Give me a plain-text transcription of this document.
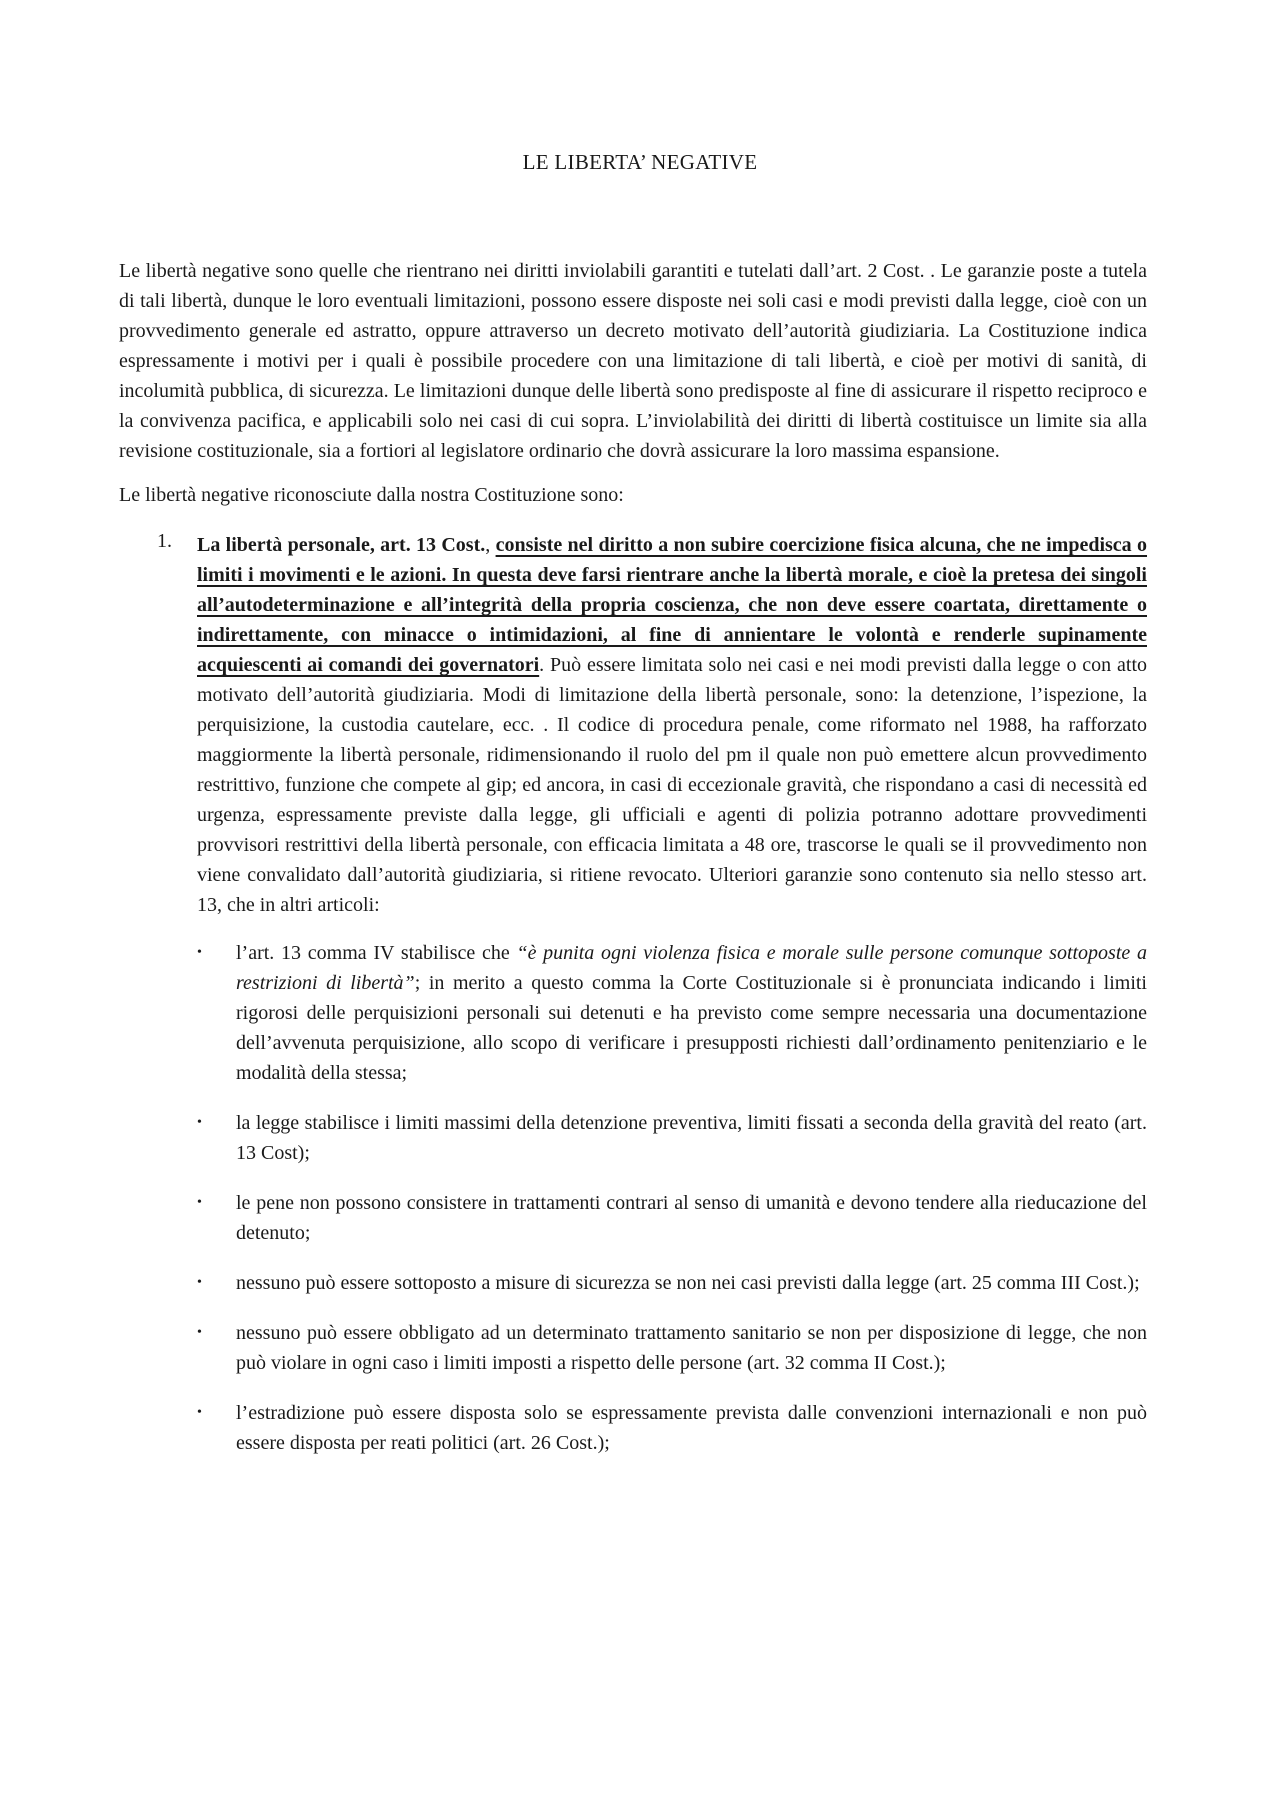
LE LIBERTA’ NEGATIVE

Le libertà negative sono quelle che rientrano nei diritti inviolabili garantiti e tutelati dall’art. 2 Cost. . Le garanzie poste a tutela di tali libertà, dunque le loro eventuali limitazioni, possono essere disposte nei soli casi e modi previsti dalla legge, cioè con un provvedimento generale ed astratto, oppure attraverso un decreto motivato dell’autorità giudiziaria. La Costituzione indica espressamente i motivi per i quali è possibile procedere con una limitazione di tali libertà, e cioè per motivi di sanità, di incolumità pubblica, di sicurezza. Le limitazioni dunque delle libertà sono predisposte al fine di assicurare il rispetto reciproco e la convivenza pacifica, e applicabili solo nei casi di cui sopra. L’inviolabilità dei diritti di libertà costituisce un limite sia alla revisione costituzionale, sia a fortiori al legislatore ordinario che dovrà assicurare la loro massima espansione.

Le libertà negative riconosciute dalla nostra Costituzione sono:

1. La libertà personale, art. 13 Cost., consiste nel diritto a non subire coercizione fisica alcuna, che ne impedisca o limiti i movimenti e le azioni. In questa deve farsi rientrare anche la libertà morale, e cioè la pretesa dei singoli all’autodeterminazione e all’integrità della propria coscienza, che non deve essere coartata, direttamente o indirettamente, con minacce o intimidazioni, al fine di annientare le volontà e renderle supinamente acquiescenti ai comandi dei governatori. Può essere limitata solo nei casi e nei modi previsti dalla legge o con atto motivato dell’autorità giudiziaria. Modi di limitazione della libertà personale, sono: la detenzione, l’ispezione, la perquisizione, la custodia cautelare, ecc. . Il codice di procedura penale, come riformato nel 1988, ha rafforzato maggiormente la libertà personale, ridimensionando il ruolo del pm il quale non può emettere alcun provvedimento restrittivo, funzione che compete al gip; ed ancora, in casi di eccezionale gravità, che rispondano a casi di necessità ed urgenza, espressamente previste dalla legge, gli ufficiali e agenti di polizia potranno adottare provvedimenti provvisori restrittivi della libertà personale, con efficacia limitata a 48 ore, trascorse le quali se il provvedimento non viene convalidato dall’autorità giudiziaria, si ritiene revocato. Ulteriori garanzie sono contenuto sia nello stesso art. 13, che in altri articoli:
• l’art. 13 comma IV stabilisce che “è punita ogni violenza fisica e morale sulle persone comunque sottoposte a restrizioni di libertà”; in merito a questo comma la Corte Costituzionale si è pronunciata indicando i limiti rigorosi delle perquisizioni personali sui detenuti e ha previsto come sempre necessaria una documentazione dell’avvenuta perquisizione, allo scopo di verificare i presupposti richiesti dall’ordinamento penitenziario e le modalità della stessa;
• la legge stabilisce i limiti massimi della detenzione preventiva, limiti fissati a seconda della gravità del reato (art. 13 Cost);
• le pene non possono consistere in trattamenti contrari al senso di umanità e devono tendere alla rieducazione del detenuto;
• nessuno può essere sottoposto a misure di sicurezza se non nei casi previsti dalla legge (art. 25 comma III Cost.);
• nessuno può essere obbligato ad un determinato trattamento sanitario se non per disposizione di legge, che non può violare in ogni caso i limiti imposti a rispetto delle persone (art. 32 comma II Cost.);
• l’estradizione può essere disposta solo se espressamente prevista dalle convenzioni internazionali e non può essere disposta per reati politici (art. 26 Cost.);
